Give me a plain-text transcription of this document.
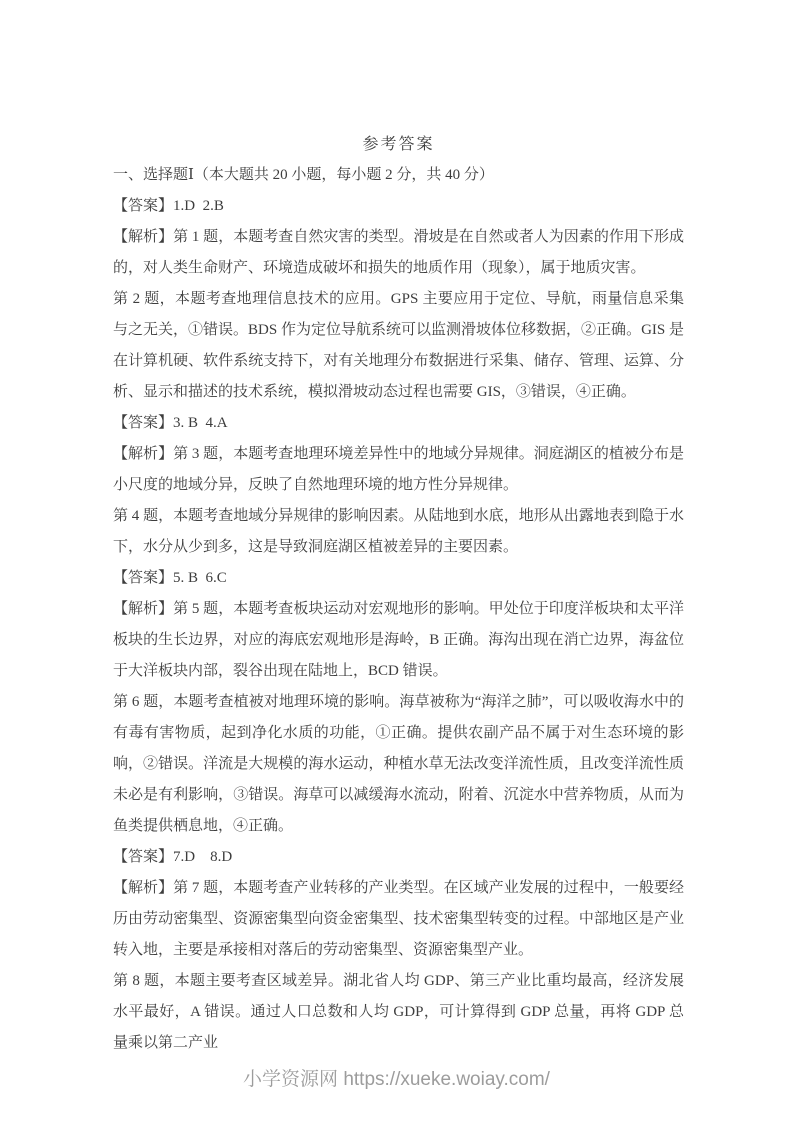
参考答案
一、选择题Ⅰ（本大题共 20 小题，每小题 2 分，共 40 分）
【答案】1.D  2.B
【解析】第 1 题，本题考查自然灾害的类型。滑坡是在自然或者人为因素的作用下形成的，对人类生命财产、环境造成破坏和损失的地质作用（现象），属于地质灾害。
第 2 题，本题考查地理信息技术的应用。GPS 主要应用于定位、导航，雨量信息采集与之无关，①错误。BDS 作为定位导航系统可以监测滑坡体位移数据，②正确。GIS 是在计算机硬、软件系统支持下，对有关地理分布数据进行采集、储存、管理、运算、分析、显示和描述的技术系统，模拟滑坡动态过程也需要 GIS，③错误，④正确。
【答案】3. B  4.A
【解析】第 3 题，本题考查地理环境差异性中的地域分异规律。洞庭湖区的植被分布是小尺度的地域分异，反映了自然地理环境的地方性分异规律。
第 4 题，本题考查地域分异规律的影响因素。从陆地到水底，地形从出露地表到隐于水下，水分从少到多，这是导致洞庭湖区植被差异的主要因素。
【答案】5. B  6.C
【解析】第 5 题，本题考查板块运动对宏观地形的影响。甲处位于印度洋板块和太平洋板块的生长边界，对应的海底宏观地形是海岭，B 正确。海沟出现在消亡边界，海盆位于大洋板块内部，裂谷出现在陆地上，BCD 错误。
第 6 题，本题考查植被对地理环境的影响。海草被称为“海洋之肺”，可以吸收海水中的有毒有害物质，起到净化水质的功能，①正确。提供农副产品不属于对生态环境的影响，②错误。洋流是大规模的海水运动，种植水草无法改变洋流性质，且改变洋流性质未必是有利影响，③错误。海草可以减缓海水流动，附着、沉淀水中营养物质，从而为鱼类提供栖息地，④正确。
【答案】7.D    8.D
【解析】第 7 题，本题考查产业转移的产业类型。在区域产业发展的过程中，一般要经历由劳动密集型、资源密集型向资金密集型、技术密集型转变的过程。中部地区是产业转入地，主要是承接相对落后的劳动密集型、资源密集型产业。
第 8 题，本题主要考查区域差异。湖北省人均 GDP、第三产业比重均最高，经济发展水平最好，A 错误。通过人口总数和人均 GDP，可计算得到 GDP 总量，再将 GDP 总量乘以第二产业
小学资源网 https://xueke.woiay.com/
